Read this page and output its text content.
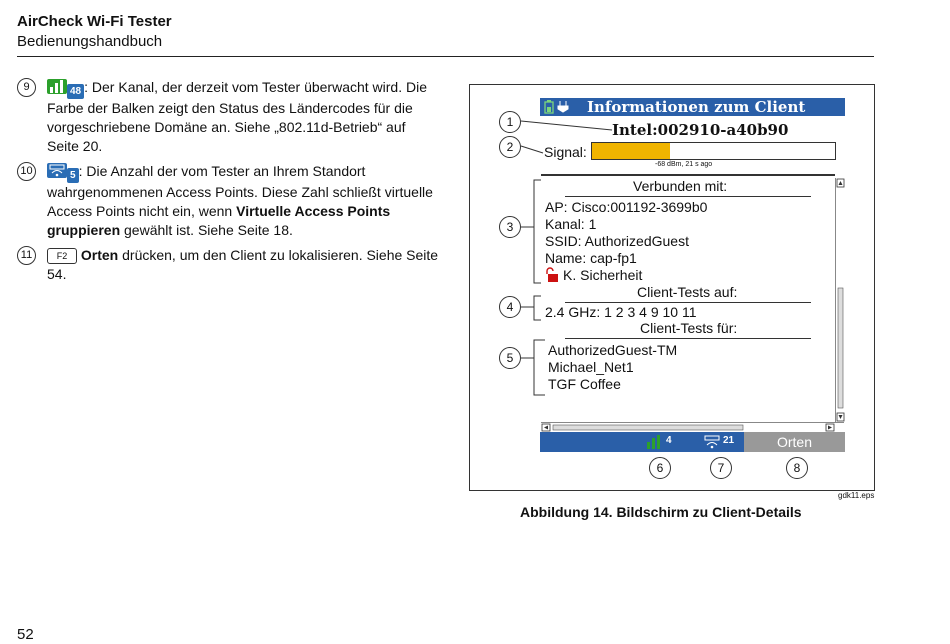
AirCheck Wi-Fi Tester
Bedienungshandbuch
9	48 : Der Kanal, der derzeit vom Tester überwacht wird. Die Farbe der Balken zeigt den Status des Ländercodes für die vorgeschriebene Domäne an. Siehe „802.11d-Betrieb“ auf Seite 20.
10	5 : Die Anzahl der vom Tester an Ihrem Standort wahrgenommenen Access Points. Diese Zahl schließt virtuelle Access Points nicht ein, wenn Virtuelle Access Points gruppieren gewählt ist. Siehe Seite 18.
11	F2 Orten drücken, um den Client zu lokalisieren. Siehe Seite 54.
Informationen zum Client
Intel:002910-a40b90
Signal:
-68 dBm, 21 s ago
Verbunden mit:
AP: Cisco:001192-3699b0
Kanal: 1
SSID: AuthorizedGuest
Name: cap-fp1
K. Sicherheit
Client-Tests auf:
2.4 GHz: 1 2 3 4 9 10 11
Client-Tests für:
AuthorizedGuest-TM
Michael_Net1
TGF Coffee
4	21	Orten
1
2
3
4
5
6	7	8
gdk11.eps
Abbildung 14. Bildschirm zu Client-Details
52
